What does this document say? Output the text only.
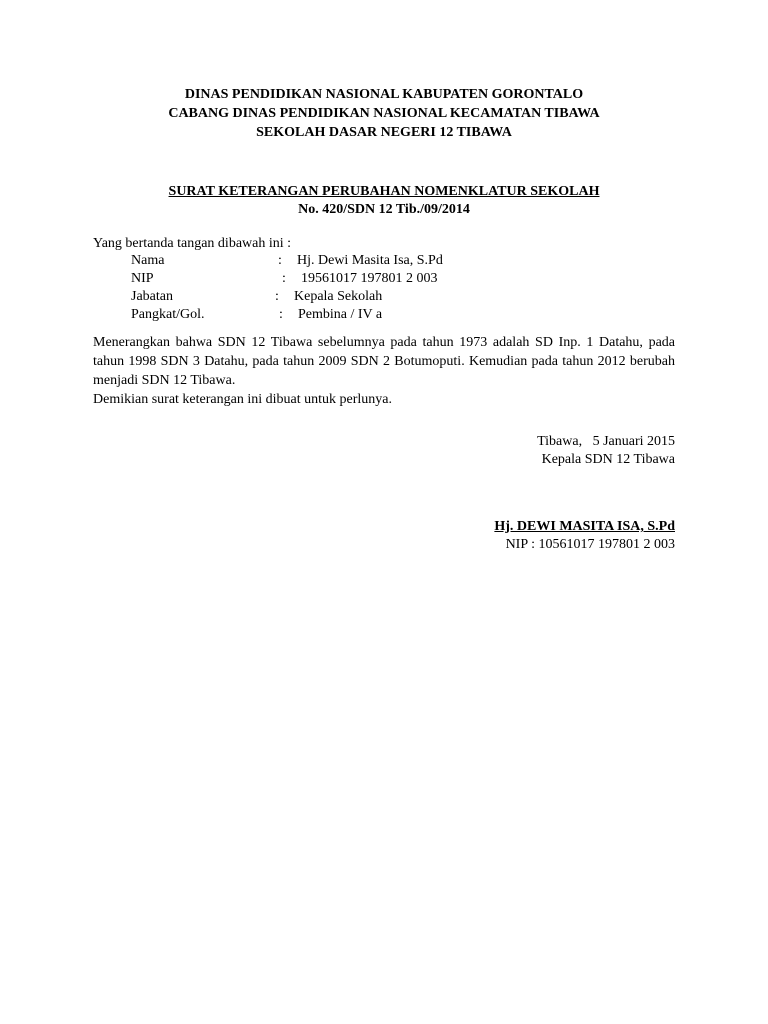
DINAS PENDIDIKAN NASIONAL KABUPATEN GORONTALO
CABANG DINAS PENDIDIKAN NASIONAL KECAMATAN TIBAWA
SEKOLAH DASAR NEGERI 12 TIBAWA
SURAT KETERANGAN PERUBAHAN NOMENKLATUR SEKOLAH
No. 420/SDN 12 Tib./09/2014
Yang bertanda tangan dibawah ini :
Nama	: Hj. Dewi Masita Isa, S.Pd
NIP	: 19561017 197801 2 003
Jabatan	: Kepala Sekolah
Pangkat/Gol.	: Pembina / IV a

Menerangkan bahwa SDN 12 Tibawa sebelumnya pada tahun 1973 adalah SD Inp. 1 Datahu, pada tahun 1998 SDN 3 Datahu, pada tahun 2009 SDN 2 Botumoputi. Kemudian pada tahun 2012 berubah menjadi SDN 12 Tibawa.

Demikian surat keterangan ini dibuat untuk perlunya.

Tibawa,   5 Januari 2015
Kepala SDN 12 Tibawa
Hj. DEWI MASITA ISA, S.Pd
NIP : 10561017 197801 2 003
